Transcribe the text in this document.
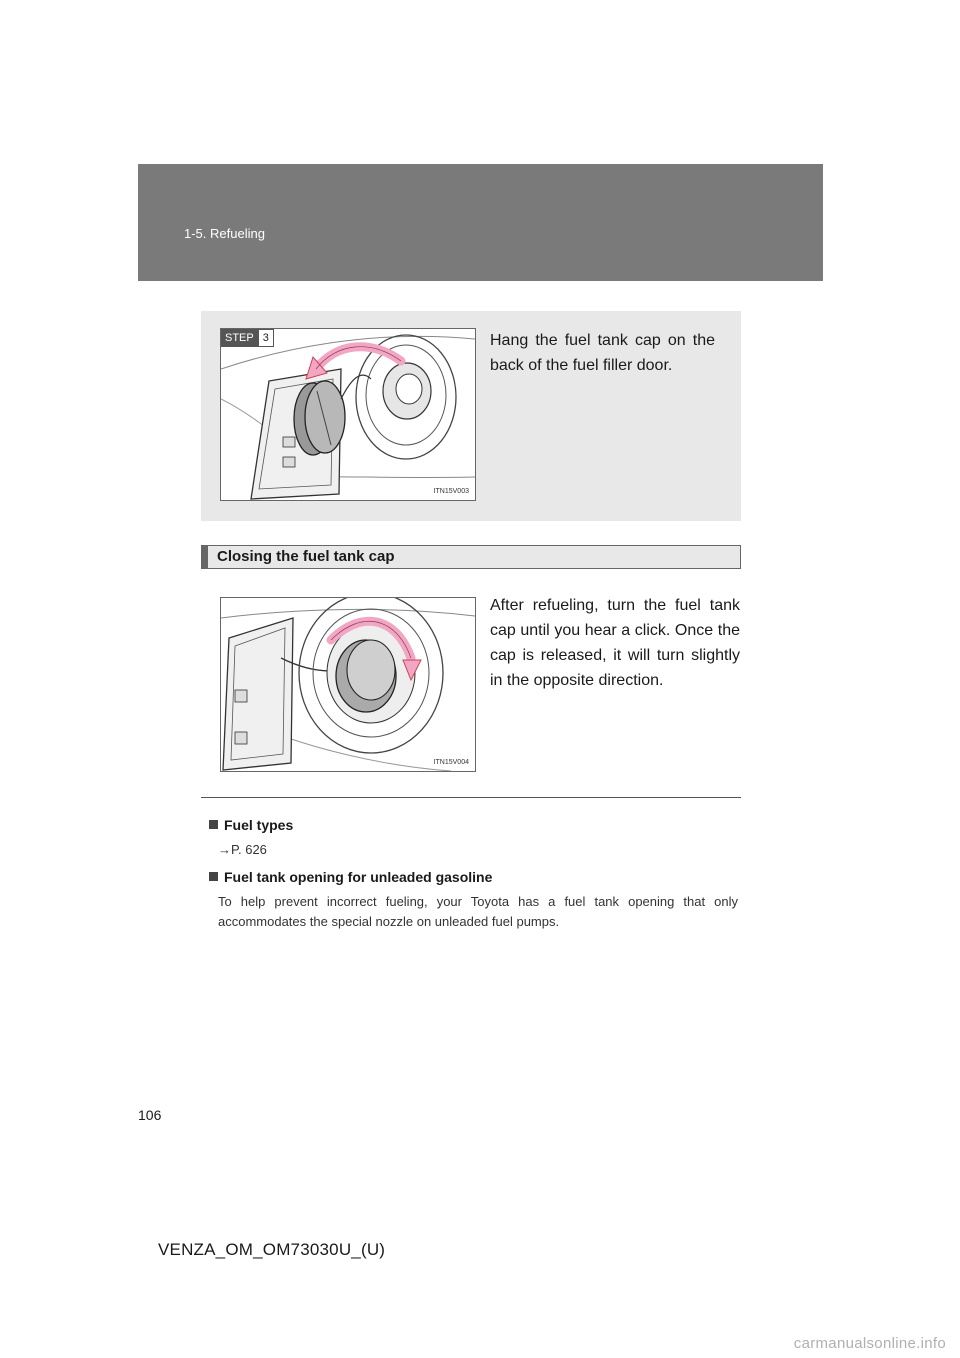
1-5. Refueling
STEP 3
ITN15V003
Hang the fuel tank cap on the back of the fuel filler door.
Closing the fuel tank cap
ITN15V004
After refueling, turn the fuel tank cap until you hear a click. Once the cap is released, it will turn slightly in the opposite direction.
Fuel types
→P. 626
Fuel tank opening for unleaded gasoline
To help prevent incorrect fueling, your Toyota has a fuel tank opening that only accommodates the special nozzle on unleaded fuel pumps.
106
VENZA_OM_OM73030U_(U)
carmanualsonline.info
